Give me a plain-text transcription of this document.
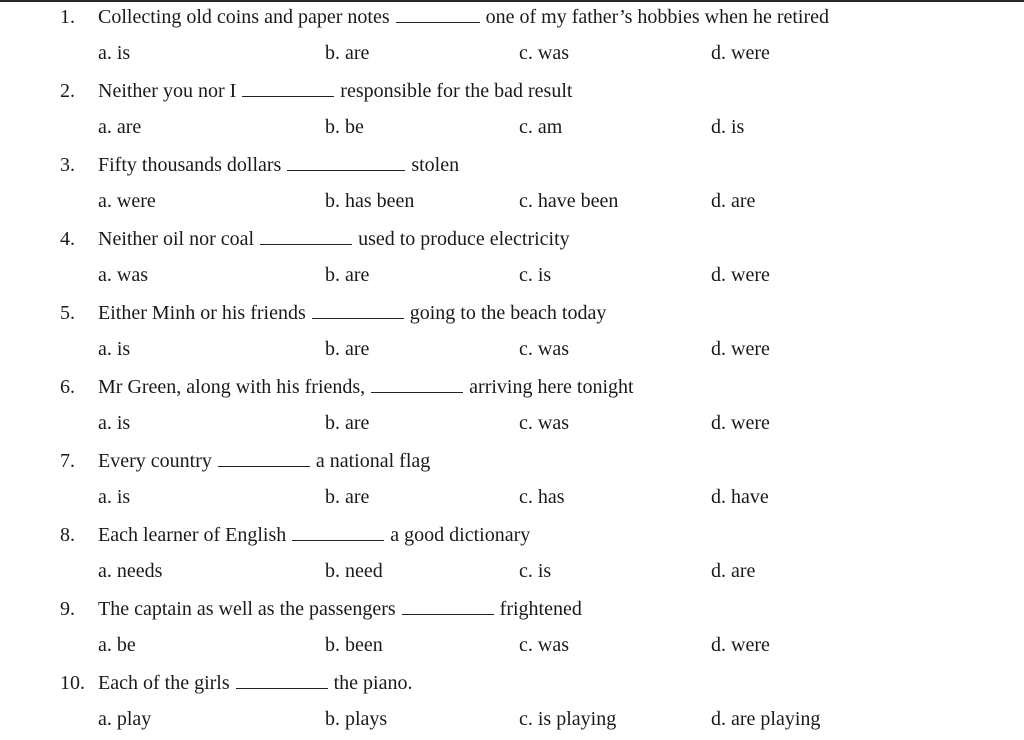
1. Collecting old coins and paper notes	one of my father’s hobbies when he retired
a. is	b. are	c. was	d. were
2. Neither you nor I	responsible for the bad result
a. are	b. be	c. am	d. is
3. Fifty thousands dollars	stolen
a. were	b. has been	c. have been	d. are
4. Neither oil nor coal	used to produce electricity
a. was	b. are	c. is	d. were
5. Either Minh or his friends	going to the beach today
a. is	b. are	c. was	d. were
6. Mr Green, along with his friends,	arriving here tonight
a. is	b. are	c. was	d. were
7. Every country	a national flag
a. is	b. are	c. has	d. have
8. Each learner of English	a good dictionary
a. needs	b. need	c. is	d. are
9. The captain as well as the passengers	frightened
a. be	b. been	c. was	d. were
10. Each of the girls	the piano.
a. play	b. plays	c. is playing	d. are playing
